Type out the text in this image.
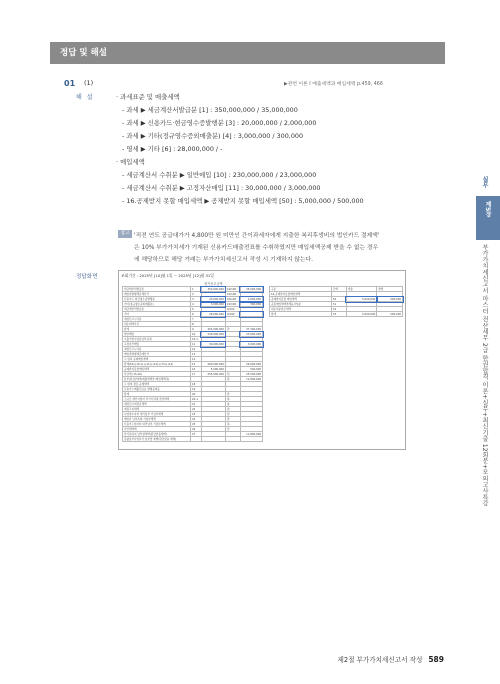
정답 및 해설
01 (1)	▶관련 이론 I 매출세액과 매입세액 p.459, 466
해설	· 과세표준 및 매출세액
- 과세 ▶ 세금계산서발급분 [1] : 350,000,000 / 35,000,000
- 과세 ▶ 신용카드·현금영수증발행분 [3] : 20,000,000 / 2,000,000
- 과세 ▶ 기타(정규영수증외매출분) [4] : 3,000,000 / 300,000
- 영세 ▶ 기타 [6] : 28,000,000 / -
· 매입세액
- 세금계산서 수취분 ▶ 일반매입 [10] : 230,000,000 / 23,000,000
- 세금계산서 수취분 ▶ 고정자산매입 [11] : 30,000,000 / 3,000,000
- 16.공제받지 못할 매입세액 ▶ 공제받지 못할 매입세액 [50] : 5,000,000 / 500,000
참고 '직전 연도 공급대가가 4,800만 원 미만인 간이과세자에게 지출한 복리후생비의 법인카드 결제액'
은 10% 부가가치세가 기재된 신용카드매출전표를 수취하였지만 매입세액공제 받을 수 없는 경우
에 해당하므로 해당 거래는 부가가치세신고서 작성 시 기재하지 않는다.
정답화면	조회기간 : 2025년 [10]월 1일 ~ 2025년 [12]월 31일
정기신고금액
세금계산서발급분	1	350,000,000	10/100	35,000,000
매입자발행세금계산서	2		10/100	
신용카드·현금영수증발행분	3	20,000,000	10/100	2,000,000
기타(정규영수증외매출분)	4	3,000,000	10/100	300,000
세금계산서발급분	5		0/100	
기타	6	28,000,000	0/100	
예정신고누락분	7			
대손세액가감	8			
합계	9	401,000,000	㉮	37,300,000
일반매입	10	230,000,000		23,000,000
수출기업수입분납부유예	10-1			
고정자산매입	11	30,000,000		3,000,000
예정신고누락분	12			
매입자발행세금계산서	13			
그 밖의 공제매입세액	14			
합계(10)-(10-1)+(11)+(12)+(13)+(14)	15	260,000,000		26,000,000
공제받지못할매입세액	16	5,000,000		500,000
차감계 (15-16)	17	255,000,000	㉯	25,500,000
납부(환급)세액(매출세액㉮-매입세액㉯)			㉰	11,800,000
그 밖의 경감·공제세액	18			
신용카드매출전표등 발행공제등	19			
합계	20		㉱	
소규모 개인사업자 부가가치세 감면세액	20-1		㉲	
예정신고미환급세액	21		㉳	
예정고지세액	22		㉴	
사업양수자의 대리납부 기납부세액	23		㉵	
매입자 납부특례 기납부세액	24		㉶	
신용카드업자의 대리납부 기납부세액	25		㉷	
가산세액계	26		㉸	
차가감하여 납부할세액(환급받을세액)	27			11,800,000
총괄납부사업자가 납부할 세액(환급받을 세액)				
구분	금액	세율	세액
16.공제받지못할매입세액			
공제받지못할 매입세액	50	5,000,000	500,000
공통매입세액면세등사업분	51		
대손처분받은세액	52		
합계	53	5,000,000	500,000
실무
제5장
부가가치세신고서 마스터 전산세무 2급 한권합격 이론+실무+최신기출 12회분+모의고사특강
제2절 부가가치세신고서 작성 589
